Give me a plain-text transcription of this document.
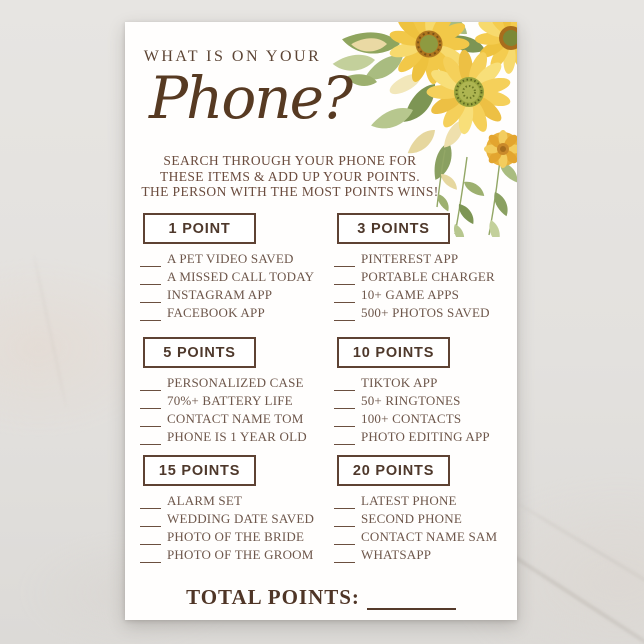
WHAT IS ON YOUR
Phone?
SEARCH THROUGH YOUR PHONE FOR
THESE ITEMS & ADD UP YOUR POINTS.
THE PERSON WITH THE MOST POINTS WINS!
1 POINT
A PET VIDEO SAVED
A MISSED CALL TODAY
INSTAGRAM APP
FACEBOOK APP
3 POINTS
PINTEREST APP
PORTABLE CHARGER
10+ GAME APPS
500+ PHOTOS SAVED
5 POINTS
PERSONALIZED CASE
70%+ BATTERY LIFE
CONTACT NAME TOM
PHONE IS 1 YEAR OLD
10 POINTS
TIKTOK APP
50+ RINGTONES
100+ CONTACTS
PHOTO EDITING APP
15 POINTS
ALARM SET
WEDDING DATE SAVED
PHOTO OF THE BRIDE
PHOTO OF THE GROOM
20 POINTS
LATEST PHONE
SECOND PHONE
CONTACT NAME SAM
WHATSAPP
TOTAL POINTS:
